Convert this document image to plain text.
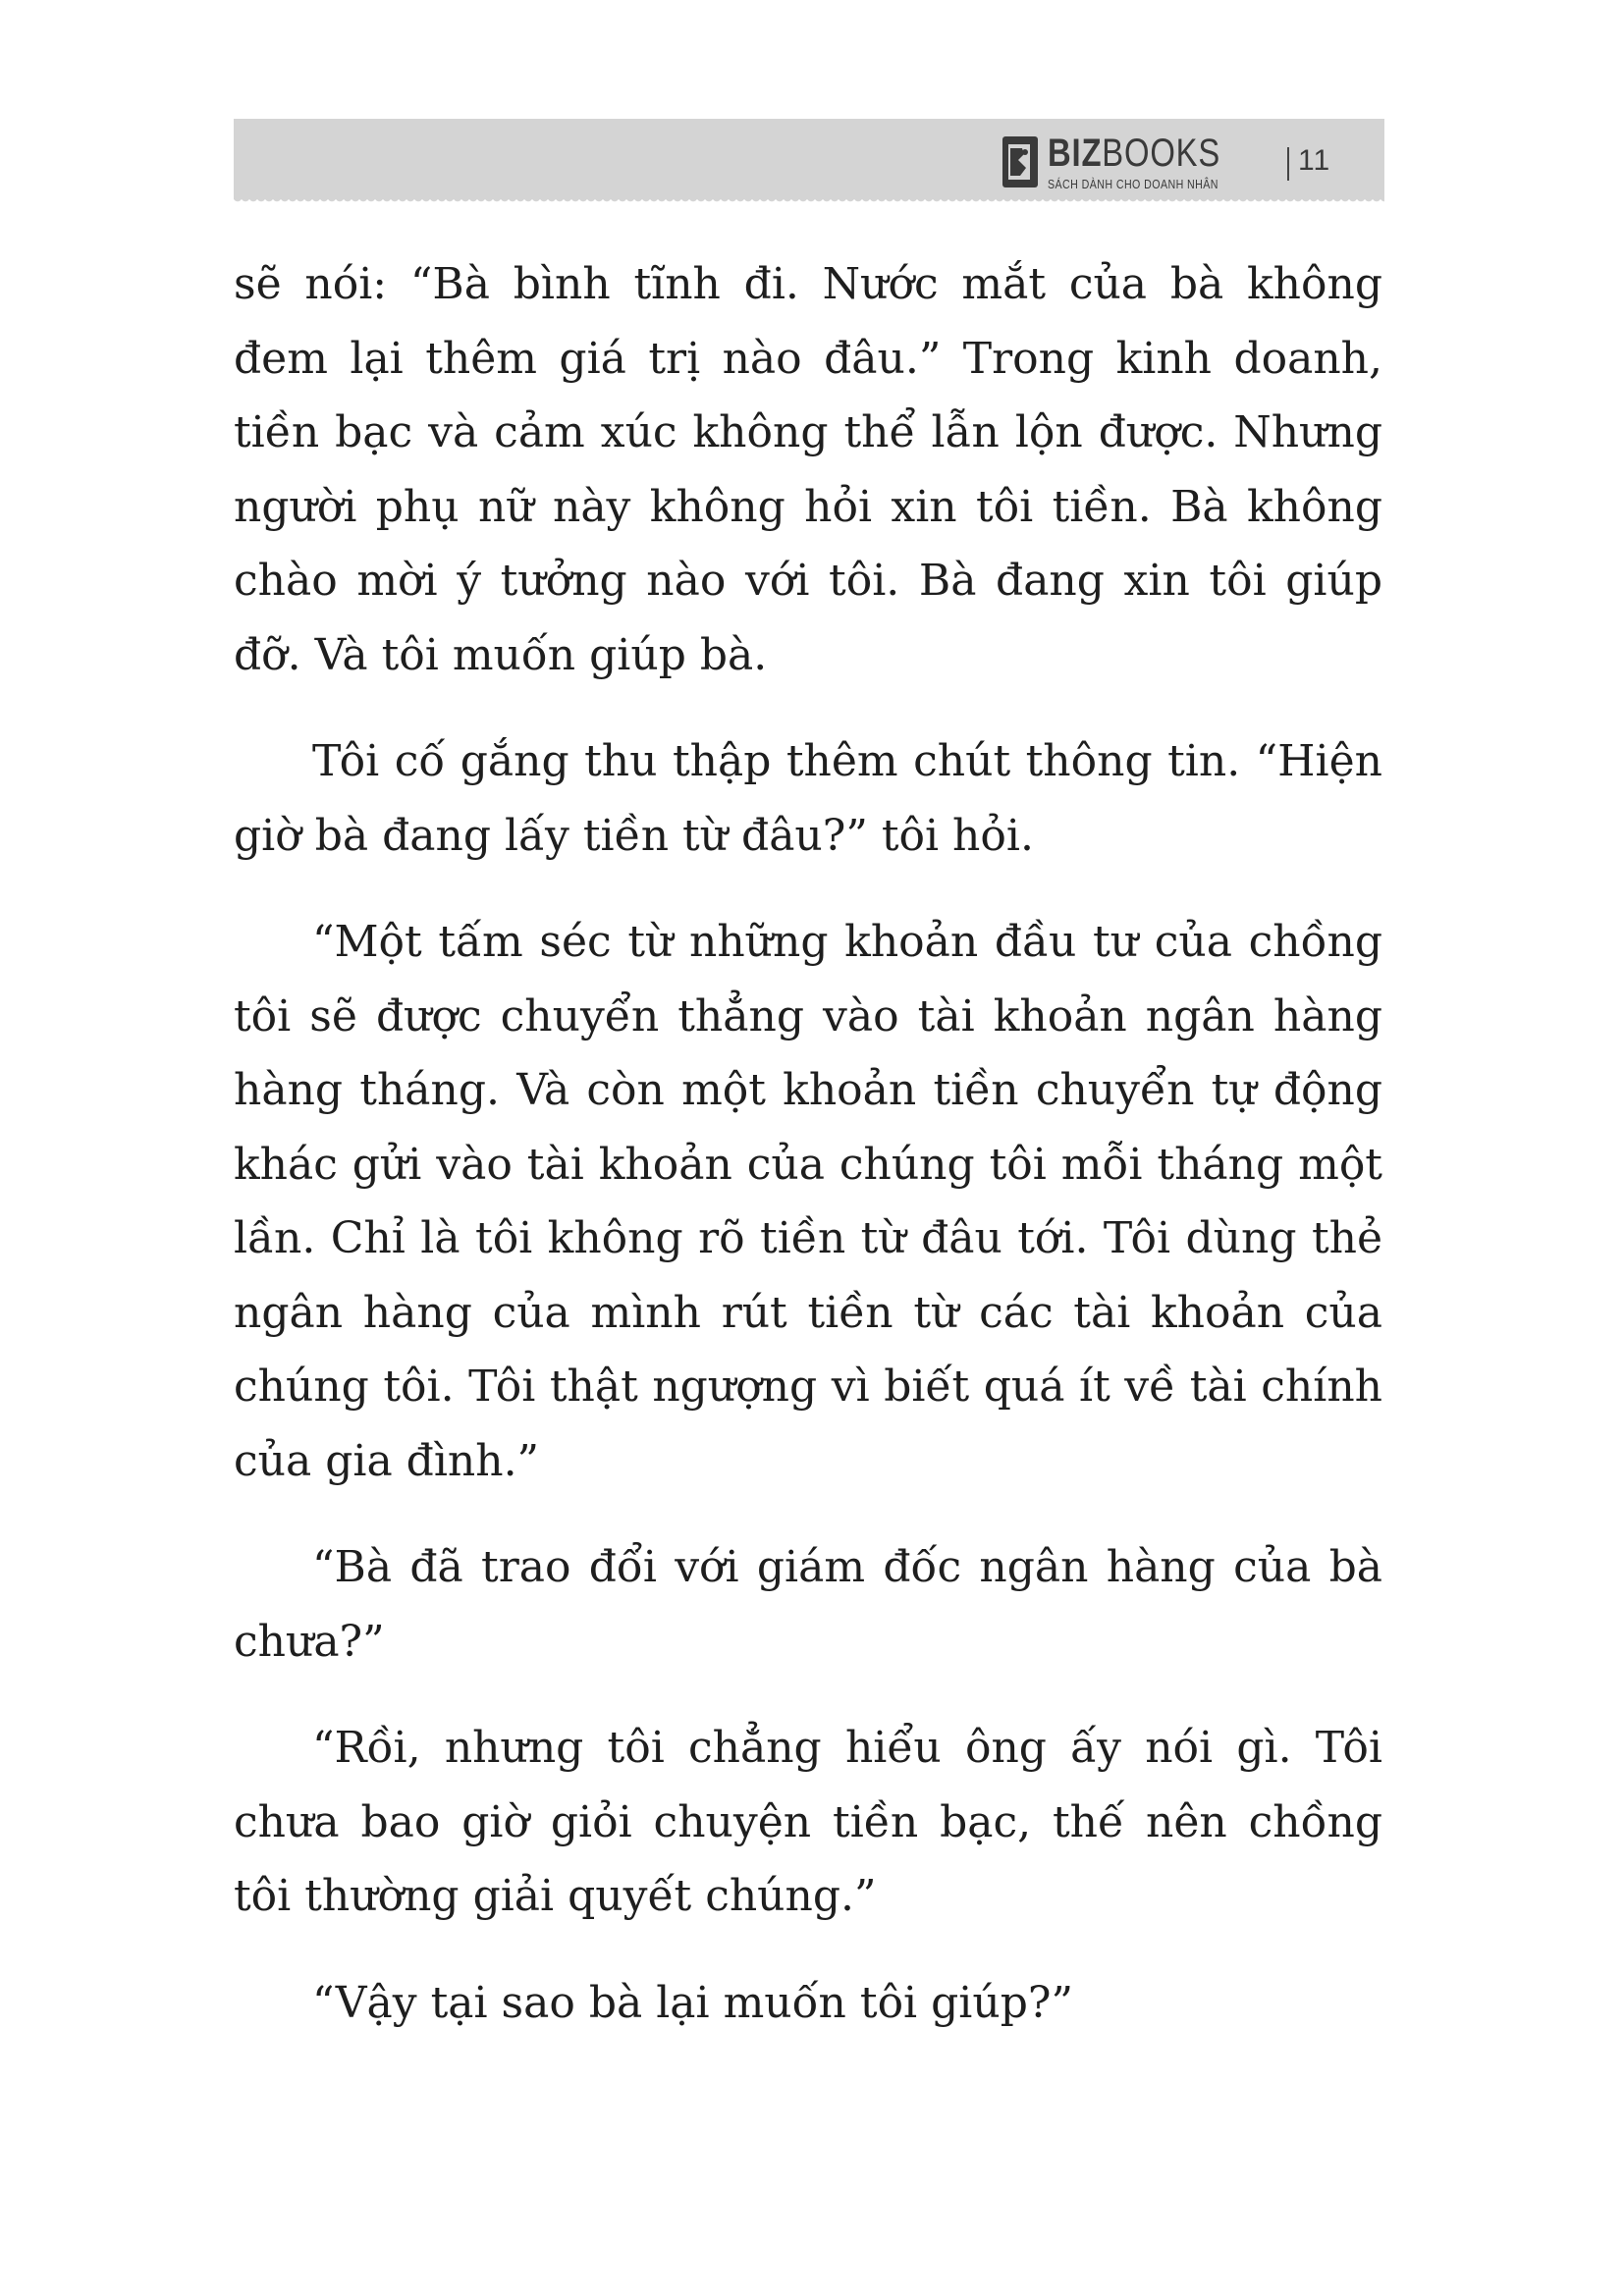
BIZBOOKS
SÁCH DÀNH CHO DOANH NHÂN
11

sẽ nói: “Bà bình tĩnh đi. Nước mắt của bà không đem lại thêm giá trị nào đâu.” Trong kinh doanh, tiền bạc và cảm xúc không thể lẫn lộn được. Nhưng người phụ nữ này không hỏi xin tôi tiền. Bà không chào mời ý tưởng nào với tôi. Bà đang xin tôi giúp đỡ. Và tôi muốn giúp bà.

Tôi cố gắng thu thập thêm chút thông tin. “Hiện giờ bà đang lấy tiền từ đâu?” tôi hỏi.

“Một tấm séc từ những khoản đầu tư của chồng tôi sẽ được chuyển thẳng vào tài khoản ngân hàng hàng tháng. Và còn một khoản tiền chuyển tự động khác gửi vào tài khoản của chúng tôi mỗi tháng một lần. Chỉ là tôi không rõ tiền từ đâu tới. Tôi dùng thẻ ngân hàng của mình rút tiền từ các tài khoản của chúng tôi. Tôi thật ngượng vì biết quá ít về tài chính của gia đình.”

“Bà đã trao đổi với giám đốc ngân hàng của bà chưa?”

“Rồi, nhưng tôi chẳng hiểu ông ấy nói gì. Tôi chưa bao giờ giỏi chuyện tiền bạc, thế nên chồng tôi thường giải quyết chúng.”

“Vậy tại sao bà lại muốn tôi giúp?”
